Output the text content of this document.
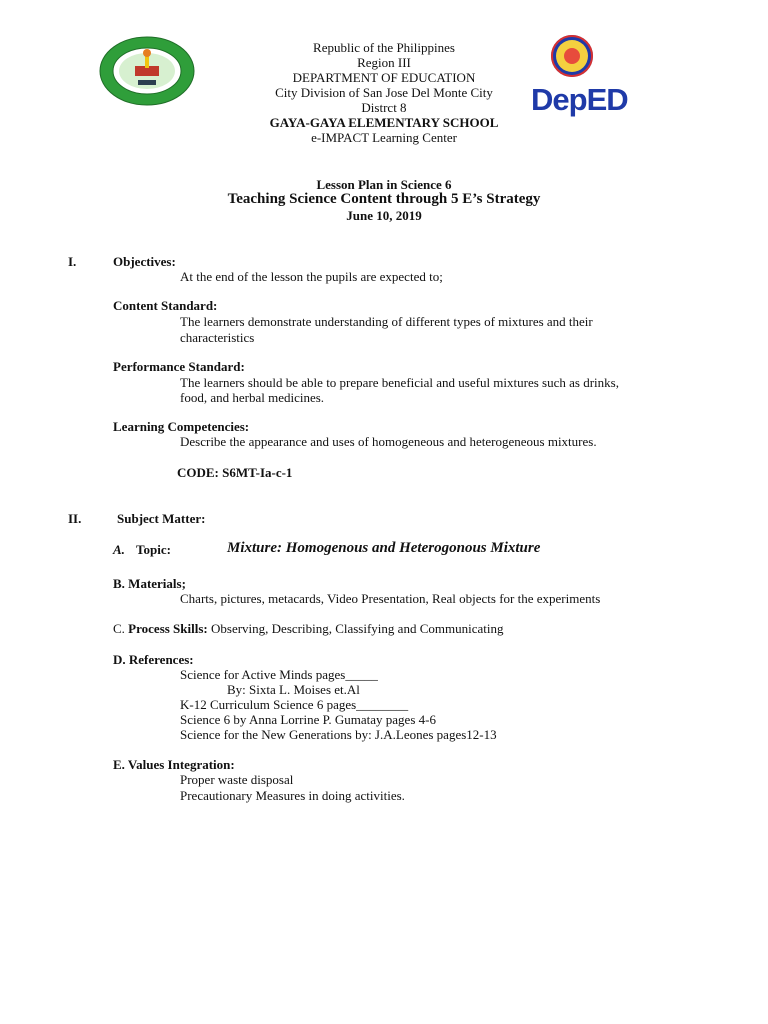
DepED
Republic of the Philippines
Region III
DEPARTMENT OF EDUCATION
City Division of San Jose Del Monte City
Distrct 8
GAYA-GAYA ELEMENTARY SCHOOL
e-IMPACT Learning Center
Lesson Plan in Science 6
Teaching Science Content through 5 E’s Strategy
June 10, 2019
I.	Objectives:
At the end of the lesson the pupils are expected to;
Content Standard:
The learners demonstrate understanding of different types of mixtures and their
characteristics
Performance Standard:
The learners should be able to prepare beneficial and useful mixtures such as drinks,
food, and herbal medicines.
Learning Competencies:
Describe the appearance and uses of homogeneous and heterogeneous mixtures.
CODE: S6MT-Ia-c-1
II.	Subject Matter:
A. Topic:	Mixture: Homogenous and Heterogonous Mixture
B. Materials;
Charts, pictures, metacards, Video Presentation, Real objects for the experiments
C. Process Skills: Observing, Describing, Classifying and Communicating
D. References:
Science for Active Minds pages_____
By: Sixta L. Moises et.Al
K-12 Curriculum Science 6 pages________
Science 6 by Anna Lorrine P. Gumatay pages 4-6
Science for the New Generations by: J.A.Leones pages12-13
E. Values Integration:
Proper waste disposal
Precautionary Measures in doing activities.
